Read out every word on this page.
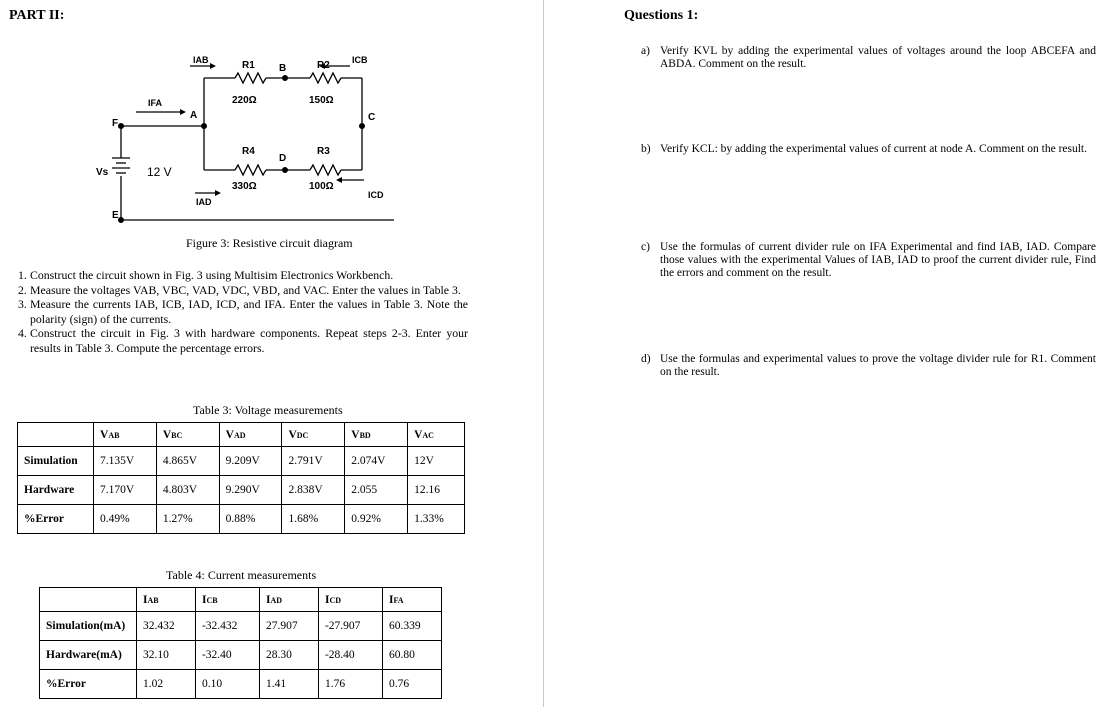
PART II:
IAB	ICB
IFA
IAD
ICD
R1	R2
R3
R4
220Ω	150Ω
100Ω
330Ω
A
B
C
D
E
F
Vs	12 V
Figure 3: Resistive circuit diagram
1. Construct the circuit shown in Fig. 3 using Multisim Electronics Workbench.
2. Measure the voltages VAB, VBC, VAD, VDC, VBD, and VAC. Enter the values in Table 3.
3. Measure the currents IAB, ICB, IAD, ICD, and IFA. Enter the values in Table 3. Note the polarity (sign) of the currents.
4. Construct the circuit in Fig. 3 with hardware components. Repeat steps 2-3. Enter your results in Table 3. Compute the percentage errors.
Table 3: Voltage measurements
	VAB	VBC	VAD	VDC	VBD	VAC
Simulation	7.135V	4.865V	9.209V	2.791V	2.074V	12V
Hardware	7.170V	4.803V	9.290V	2.838V	2.055	12.16
%Error	0.49%	1.27%	0.88%	1.68%	0.92%	1.33%
Table 4: Current measurements
	IAB	ICB	IAD	ICD	IFA
Simulation(mA)	32.432	-32.432	27.907	-27.907	60.339
Hardware(mA)	32.10	-32.40	28.30	-28.40	60.80
%Error	1.02	0.10	1.41	1.76	0.76
Questions 1:
a) Verify KVL by adding the experimental values of voltages around the loop ABCEFA and ABDA. Comment on the result.
b) Verify KCL: by adding the experimental values of current at node A. Comment on the result.
c) Use the formulas of current divider rule on IFA Experimental and find IAB, IAD. Compare those values with the experimental Values of IAB, IAD to proof the current divider rule, Find the errors and comment on the result.
d) Use the formulas and experimental values to prove the voltage divider rule for R1. Comment on the result.
